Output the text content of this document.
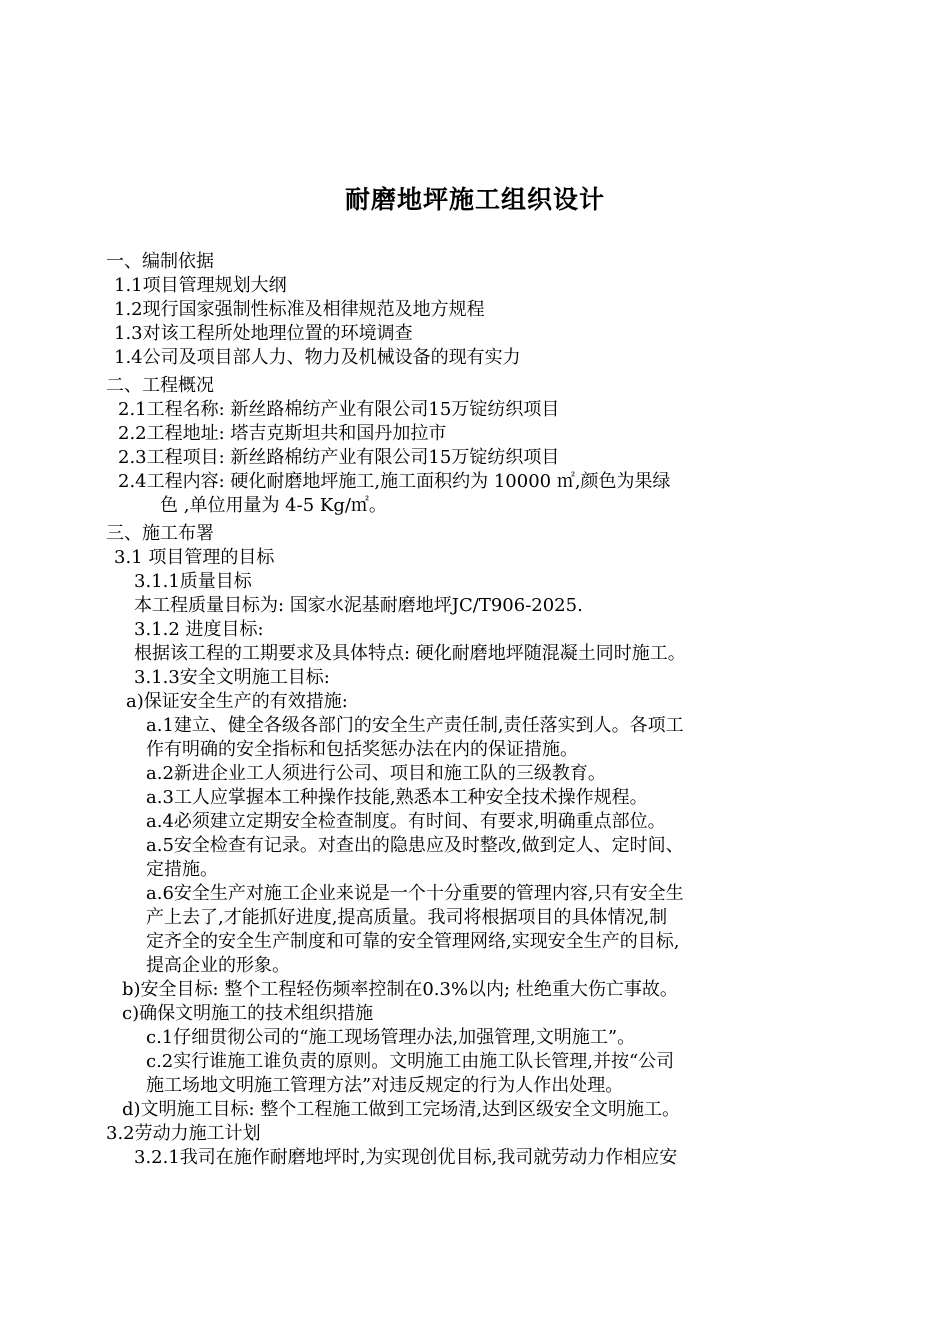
耐磨地坪施工组织设计
一、编制依据
1.1项目管理规划大纲
1.2现行国家强制性标准及相律规范及地方规程
1.3对该工程所处地理位置的环境调查
1.4公司及项目部人力、物力及机械设备的现有实力
二、工程概况
2.1工程名称: 新丝路棉纺产业有限公司15万锭纺织项目
2.2工程地址: 塔吉克斯坦共和国丹加拉市
2.3工程项目: 新丝路棉纺产业有限公司15万锭纺织项目
2.4工程内容: 硬化耐磨地坪施工,施工面积约为 10000 ㎡,颜色为果绿
色 ,单位用量为 4-5 Kg/㎡。
三、施工布署
3.1 项目管理的目标
3.1.1质量目标
本工程质量目标为: 国家水泥基耐磨地坪JC/T906-2025.
3.1.2 进度目标:
根据该工程的工期要求及具体特点: 硬化耐磨地坪随混凝土同时施工。
3.1.3安全文明施工目标:
a)保证安全生产的有效措施:
a.1建立、健全各级各部门的安全生产责任制,责任落实到人。各项工
作有明确的安全指标和包括奖惩办法在内的保证措施。
a.2新进企业工人须进行公司、项目和施工队的三级教育。
a.3工人应掌握本工种操作技能,熟悉本工种安全技术操作规程。
a.4必须建立定期安全检查制度。有时间、有要求,明确重点部位。
a.5安全检查有记录。对查出的隐患应及时整改,做到定人、定时间、
定措施。
a.6安全生产对施工企业来说是一个十分重要的管理内容,只有安全生
产上去了,才能抓好进度,提高质量。我司将根据项目的具体情况,制
定齐全的安全生产制度和可靠的安全管理网络,实现安全生产的目标,
提高企业的形象。
b)安全目标: 整个工程轻伤频率控制在0.3%以内; 杜绝重大伤亡事故。
c)确保文明施工的技术组织措施
c.1仔细贯彻公司的“施工现场管理办法,加强管理,文明施工”。
c.2实行谁施工谁负责的原则。文明施工由施工队长管理,并按“公司
施工场地文明施工管理方法”对违反规定的行为人作出处理。
d)文明施工目标: 整个工程施工做到工完场清,达到区级安全文明施工。
3.2劳动力施工计划
3.2.1我司在施作耐磨地坪时,为实现创优目标,我司就劳动力作相应安
